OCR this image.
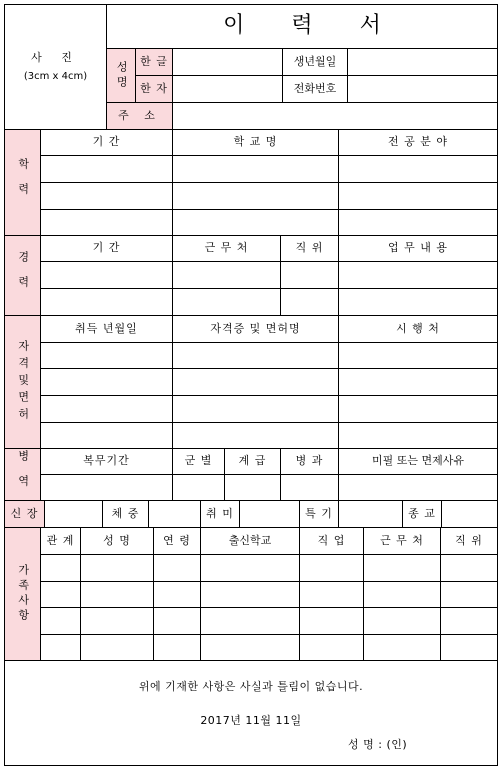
사 진
(3cm x 4cm)
이 력 서
성명	한 글	생년월일
한 자	전화번호
주 소
학력
기 간	학 교 명	전 공 분 야
경력
기 간	근 무 처	직 위	업 무 내 용
자격및면허
취득 년월일	자격증 및 면허명	시 행 처
병역	복무기간	군 별	계 급	병 과	미필 또는 면제사유
신 장	체 중	취 미	특 기	종 교
가족사항
관 계	성 명	연 령	출신학교	직 업	근 무 처	직 위
위에 기재한 사항은 사실과 틀림이 없습니다.
2017년 11월 11일
성 명 : (인)
